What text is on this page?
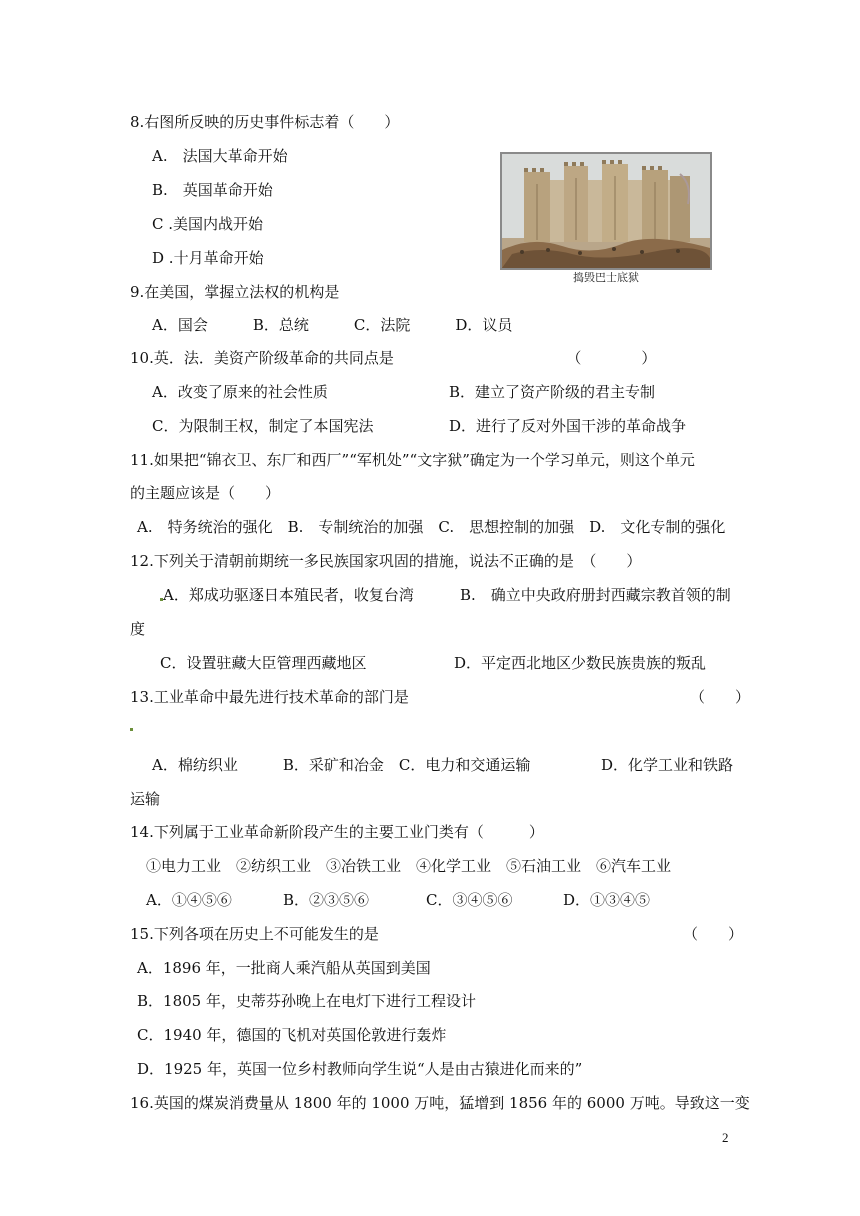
8.右图所反映的历史事件标志着（　　）
A.　法国大革命开始
B.　英国革命开始
C .美国内战开始
D .十月革命开始
捣毁巴士底狱
9.在美国，掌握立法权的机构是
A．国会　　　B．总统　　　C．法院　　　D．议员
10.英．法．美资产阶级革命的共同点是　　　　　　　　　　　　（　　　　）
A．改变了原来的社会性质	B．建立了资产阶级的君主专制
C．为限制王权，制定了本国宪法	D．进行了反对外国干涉的革命战争
11.如果把“锦衣卫、东厂和西厂”“军机处”“文字狱”确定为一个学习单元，则这个单元
的主题应该是（　　）
A.　特务统治的强化　B.　专制统治的加强　C.　思想控制的加强　D.　文化专制的强化
12.下列关于清朝前期统一多民族国家巩固的措施，说法不正确的是　（　　）
A．郑成功驱逐日本殖民者，收复台湾	B.　确立中央政府册封西藏宗教首领的制
度
C．设置驻藏大臣管理西藏地区	D．平定西北地区少数民族贵族的叛乱
13.工业革命中最先进行技术革命的部门是	（　　）
A．棉纺织业　　　B．采矿和冶金　C．电力和交通运输	D．化学工业和铁路
运输
14.下列属于工业革命新阶段产生的主要工业门类有（　　　）
①电力工业　②纺织工业　③冶铁工业　④化学工业　⑤石油工业　⑥汽车工业
A．①④⑤⑥	B．②③⑤⑥	C．③④⑤⑥	D．①③④⑤
15.下列各项在历史上不可能发生的是	（　　）
A．1896 年，一批商人乘汽船从英国到美国
B．1805 年，史蒂芬孙晚上在电灯下进行工程设计
C．1940 年，德国的飞机对英国伦敦进行轰炸
D．1925 年，英国一位乡村教师向学生说“人是由古猿进化而来的”
16.英国的煤炭消费量从 1800 年的 1000 万吨，猛增到 1856 年的 6000 万吨。导致这一变
2
